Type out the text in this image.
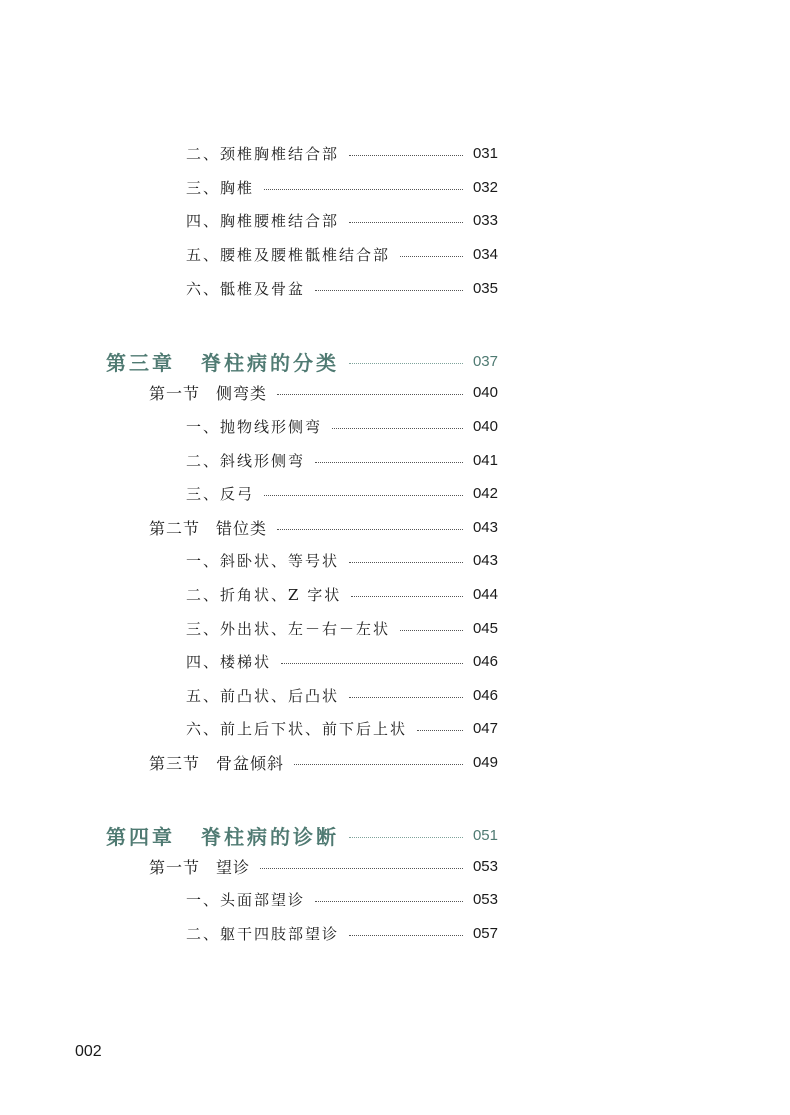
二、颈椎胸椎结合部	031
三、胸椎	032
四、胸椎腰椎结合部	033
五、腰椎及腰椎骶椎结合部	034
六、骶椎及骨盆	035
第三章 脊柱病的分类	037
第一节 侧弯类	040
一、抛物线形侧弯	040
二、斜线形侧弯	041
三、反弓	042
第二节 错位类	043
一、斜卧状、等号状	043
二、折角状、Z 字状	044
三、外出状、左－右－左状	045
四、楼梯状	046
五、前凸状、后凸状	046
六、前上后下状、前下后上状	047
第三节 骨盆倾斜	049
第四章 脊柱病的诊断	051
第一节 望诊	053
一、头面部望诊	053
二、躯干四肢部望诊	057
002
